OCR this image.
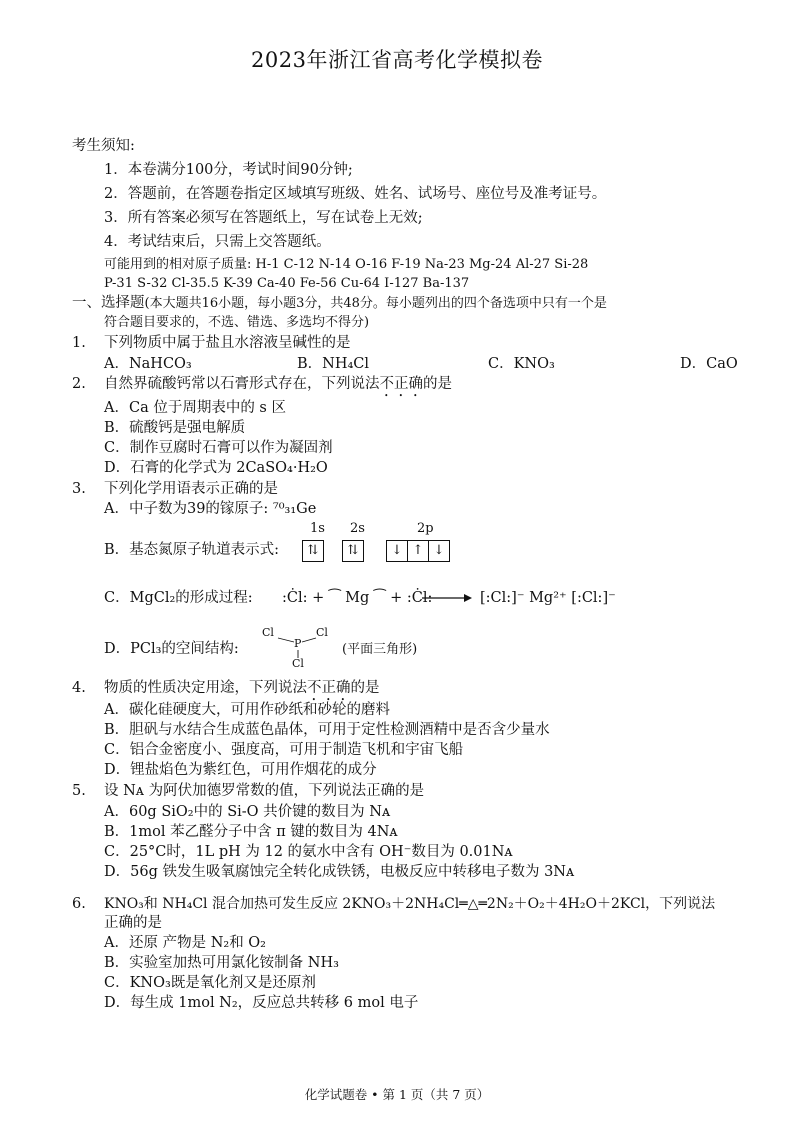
2023年浙江省高考化学模拟卷
考生须知:
1．本卷满分100分，考试时间90分钟;
2．答题前，在答题卷指定区域填写班级、姓名、试场号、座位号及准考证号。
3．所有答案必须写在答题纸上，写在试卷上无效;
4．考试结束后，只需上交答题纸。
可能用到的相对原子质量: H-1 C-12 N-14 O-16 F-19 Na-23 Mg-24 Al-27 Si-28
P-31 S-32 Cl-35.5 K-39 Ca-40 Fe-56 Cu-64 I-127 Ba-137
一、选择题(本大题共16小题，每小题3分，共48分。每小题列出的四个备选项中只有一个是
符合题目要求的，不选、错选、多选均不得分)
1. 下列物质中属于盐且水溶液呈碱性的是
A．NaHCO₃	B．NH₄Cl	C．KNO₃	D．CaO
2. 自然界硫酸钙常以石膏形式存在，下列说法不正确的是
A．Ca 位于周期表中的 s 区
B．硫酸钙是强电解质
C．制作豆腐时石膏可以作为凝固剂
D．石膏的化学式为 2CaSO₄·H₂O
3. 下列化学用语表示正确的是
A．中子数为39的镓原子: ⁷⁰₃₁Ge
B．基态氮原子轨道表示式:
1s 2s	2p
⇅	⇅	↓ ↑ ↓
C．MgCl₂的形成过程: :Ċl: + ⁀ Mg ⁀ + :Ċl: → [:Cl:]⁻ Mg²⁺ [:Cl:]⁻
D．PCl₃的空间结构:
Cl
P
Cl
Cl
(平面三角形)
4. 物质的性质决定用途，下列说法不正确的是
A．碳化硅硬度大，可用作砂纸和砂轮的磨料
B．胆矾与水结合生成蓝色晶体，可用于定性检测酒精中是否含少量水
C．铝合金密度小、强度高，可用于制造飞机和宇宙飞船
D．锂盐焰色为紫红色，可用作烟花的成分
5. 设 Nᴀ 为阿伏加德罗常数的值，下列说法正确的是
A．60g SiO₂中的 Si-O 共价键的数目为 Nᴀ
B．1mol 苯乙醛分子中含 π 键的数目为 4Nᴀ
C．25°C时，1L pH 为 12 的氨水中含有 OH⁻数目为 0.01Nᴀ
D．56g 铁发生吸氧腐蚀完全转化成铁锈，电极反应中转移电子数为 3Nᴀ
6. KNO₃和 NH₄Cl 混合加热可发生反应 2KNO₃＋2NH₄Cl═△═2N₂＋O₂＋4H₂O＋2KCl，下列说法
正确的是
A．还原 产物是 N₂和 O₂
B．实验室加热可用氯化铵制备 NH₃
C．KNO₃既是氧化剂又是还原剂
D．每生成 1mol N₂，反应总共转移 6 mol 电子
化学试题卷 • 第 1 页（共 7 页）
